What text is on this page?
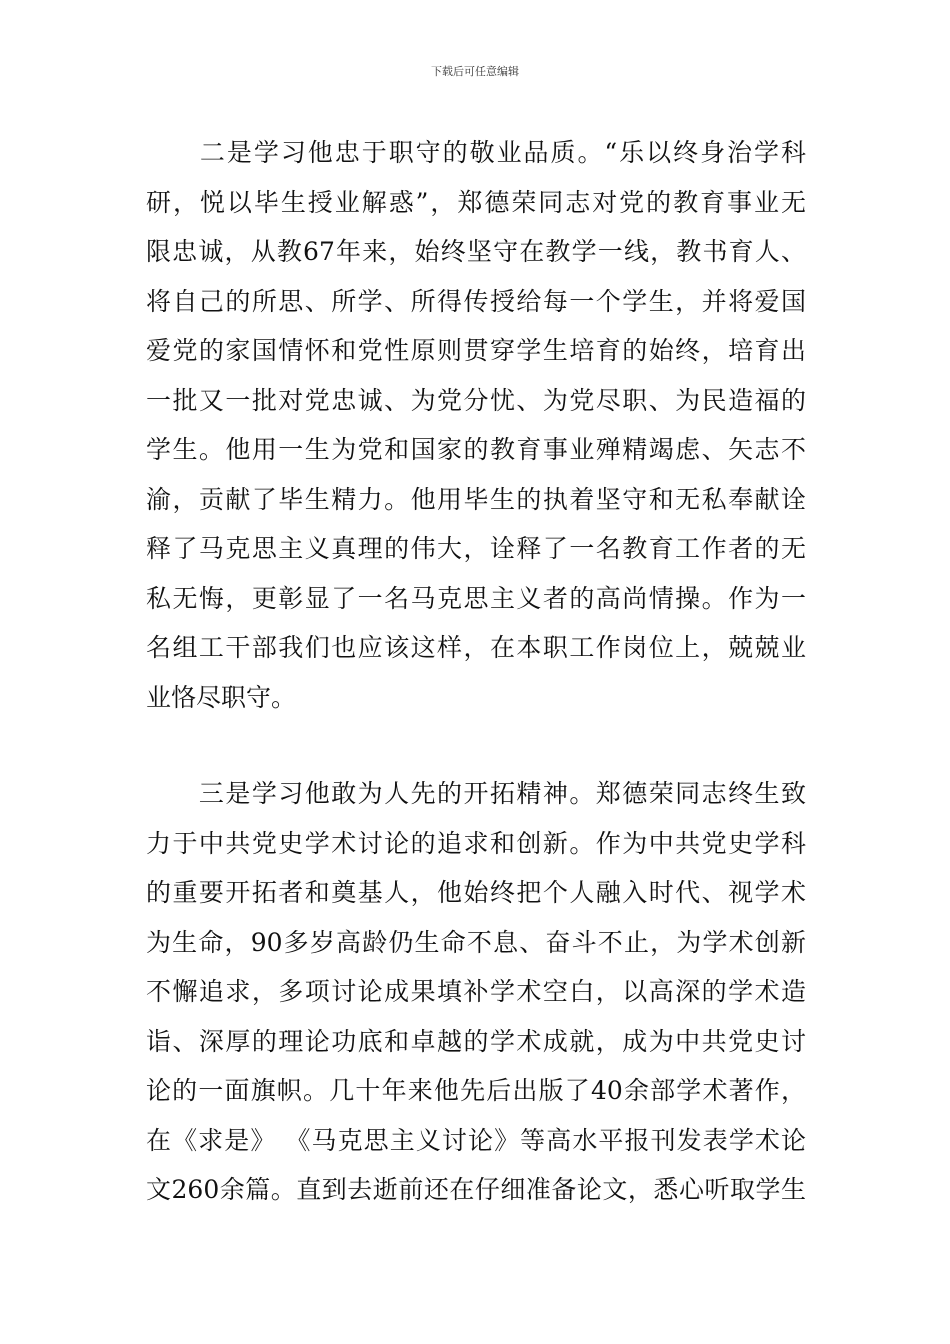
下载后可任意编辑

　　二是学习他忠于职守的敬业品质。“乐以终身治学科
研，悦以毕生授业解惑”，郑德荣同志对党的教育事业无
限忠诚，从教67年来，始终坚守在教学一线，教书育人、
将自己的所思、所学、所得传授给每一个学生，并将爱国
爱党的家国情怀和党性原则贯穿学生培育的始终，培育出
一批又一批对党忠诚、为党分忧、为党尽职、为民造福的
学生。他用一生为党和国家的教育事业殚精竭虑、矢志不
渝，贡献了毕生精力。他用毕生的执着坚守和无私奉献诠
释了马克思主义真理的伟大，诠释了一名教育工作者的无
私无悔，更彰显了一名马克思主义者的高尚情操。作为一
名组工干部我们也应该这样，在本职工作岗位上，兢兢业
业恪尽职守。

　　三是学习他敢为人先的开拓精神。郑德荣同志终生致
力于中共党史学术讨论的追求和创新。作为中共党史学科
的重要开拓者和奠基人，他始终把个人融入时代、视学术
为生命，90多岁高龄仍生命不息、奋斗不止，为学术创新
不懈追求，多项讨论成果填补学术空白，以高深的学术造
诣、深厚的理论功底和卓越的学术成就，成为中共党史讨
论的一面旗帜。几十年来他先后出版了40余部学术著作，
在《求是》 《马克思主义讨论》等高水平报刊发表学术论
文260余篇。直到去逝前还在仔细准备论文，悉心听取学生
